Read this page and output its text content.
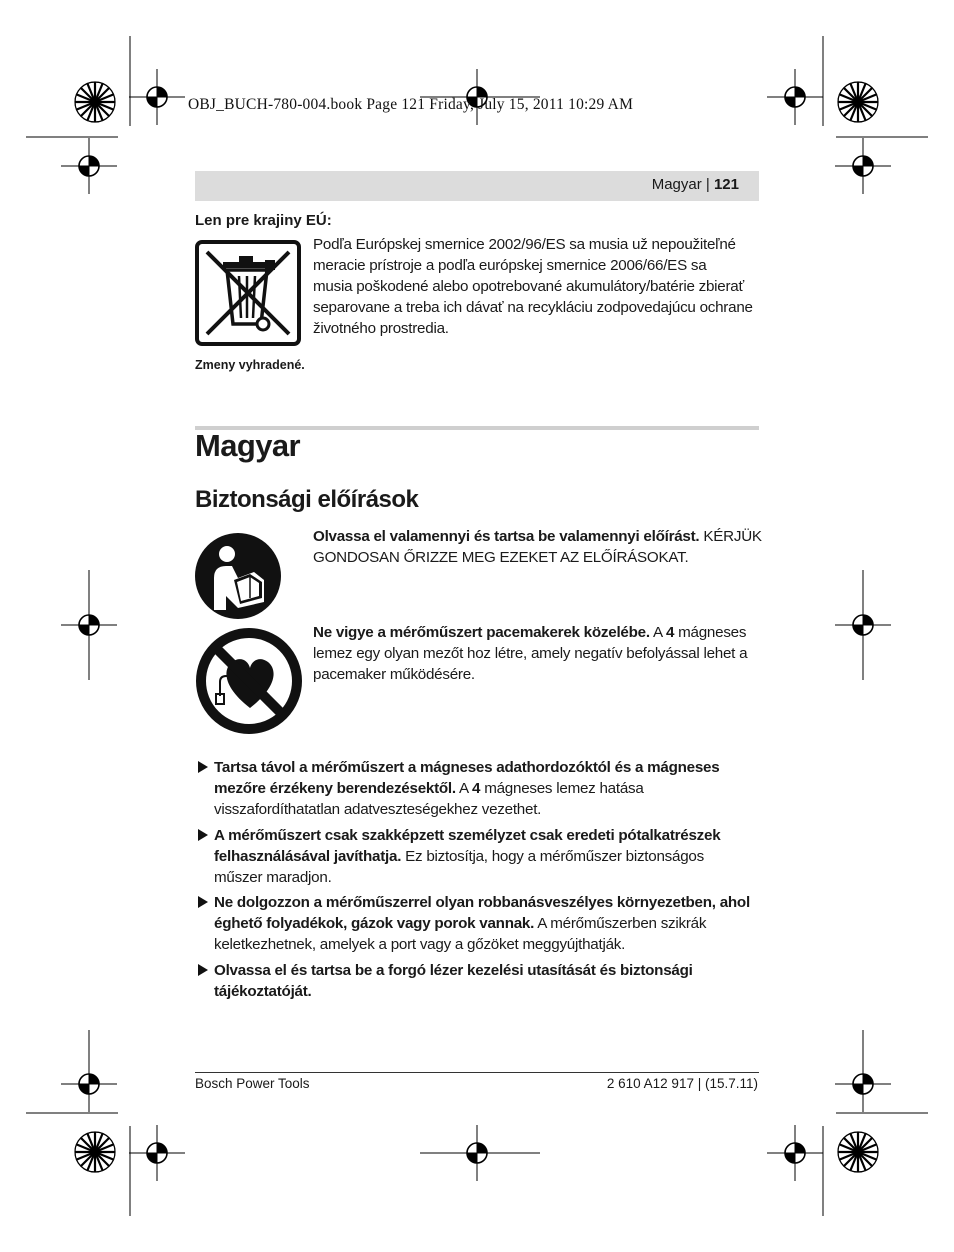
OBJ_BUCH-780-004.book Page 121 Friday, July 15, 2011 10:29 AM
Magyar | 121
Len pre krajiny EÚ:
Podľa Európskej smernice 2002/96/ES sa musia už nepoužiteľné
meracie prístroje a podľa európskej smernice 2006/66/ES sa
musia poškodené alebo opotrebované akumulátory/batérie zbierať
separovane a treba ich dávať na recykláciu zodpovedajúcu ochrane
životného prostredia.
Zmeny vyhradené.
Magyar
Biztonsági előírások
Olvassa el valamennyi és tartsa be valamennyi előírást. KÉRJÜK
GONDOSAN ŐRIZZE MEG EZEKET AZ ELŐÍRÁSOKAT.
Ne vigye a mérőműszert pacemakerek közelébe. A 4 mágneses
lemez egy olyan mezőt hoz létre, amely negatív befolyással lehet a
pacemaker működésére.
Tartsa távol a mérőműszert a mágneses adathordozóktól és a mágneses
mezőre érzékeny berendezésektől. A 4 mágneses lemez hatása
visszafordíthatatlan adatveszteségekhez vezethet.
A mérőműszert csak szakképzett személyzet csak eredeti pótalkatrészek
felhasználásával javíthatja. Ez biztosítja, hogy a mérőműszer biztonságos
műszer maradjon.
Ne dolgozzon a mérőműszerrel olyan robbanásveszélyes környezetben, ahol
éghető folyadékok, gázok vagy porok vannak. A mérőműszerben szikrák
keletkezhetnek, amelyek a port vagy a gőzöket meggyújthatják.
Olvassa el és tartsa be a forgó lézer kezelési utasítását és biztonsági
tájékoztatóját.
Bosch Power Tools	2 610 A12 917 | (15.7.11)
